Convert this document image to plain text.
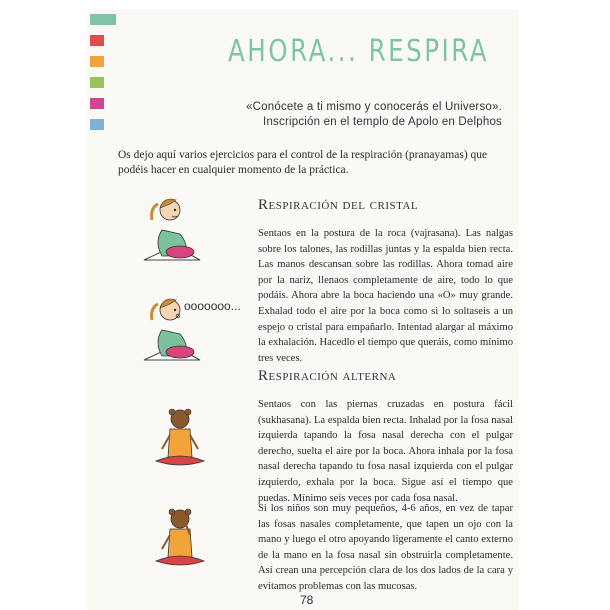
AHORA... RESPIRA
«Conócete a ti mismo y conocerás el Universo».
Inscripción en el templo de Apolo en Delphos
Os dejo aquí varios ejercicios para el control de la respiración (pranayamas) que podéis hacer en cualquier momento de la práctica.
Respiración del cristal
Sentaos en la postura de la roca (vajrasana). Las nalgas sobre los talones, las rodillas juntas y la espalda bien recta. Las manos descansan sobre las rodillas. Ahora tomad aire por la nariz, llenaos completamente de aire, todo lo que podáis. Ahora abre la boca haciendo una «O» muy grande. Exhalad todo el aire por la boca como si lo soltaseis a un espejo o cristal para empañarlo. Intentad alargar al máximo la exhalación. Hacedlo el tiempo que queráis, como mínimo tres veces.
Respiración alterna
Sentaos con las piernas cruzadas en postura fácil (sukhasana). La espalda bien recta. Inhalad por la fosa nasal izquierda tapando la fosa nasal derecha con el pulgar derecho, suelta el aire por la boca. Ahora inhala por la fosa nasal derecha tapando tu fosa nasal izquierda con el pulgar izquierdo, exhala por la boca. Sigue así el tiempo que puedas. Mínimo seis veces por cada fosa nasal.
Si los niños son muy pequeños, 4-6 años, en vez de tapar las fosas nasales completamente, que tapen un ojo con la mano y luego el otro apoyando ligeramente el canto externo de la mano en la fosa nasal sin obstruirla completamente. Así crean una percepción clara de los dos lados de la cara y evitamos problemas con las mucosas.
ooooooo...
78
